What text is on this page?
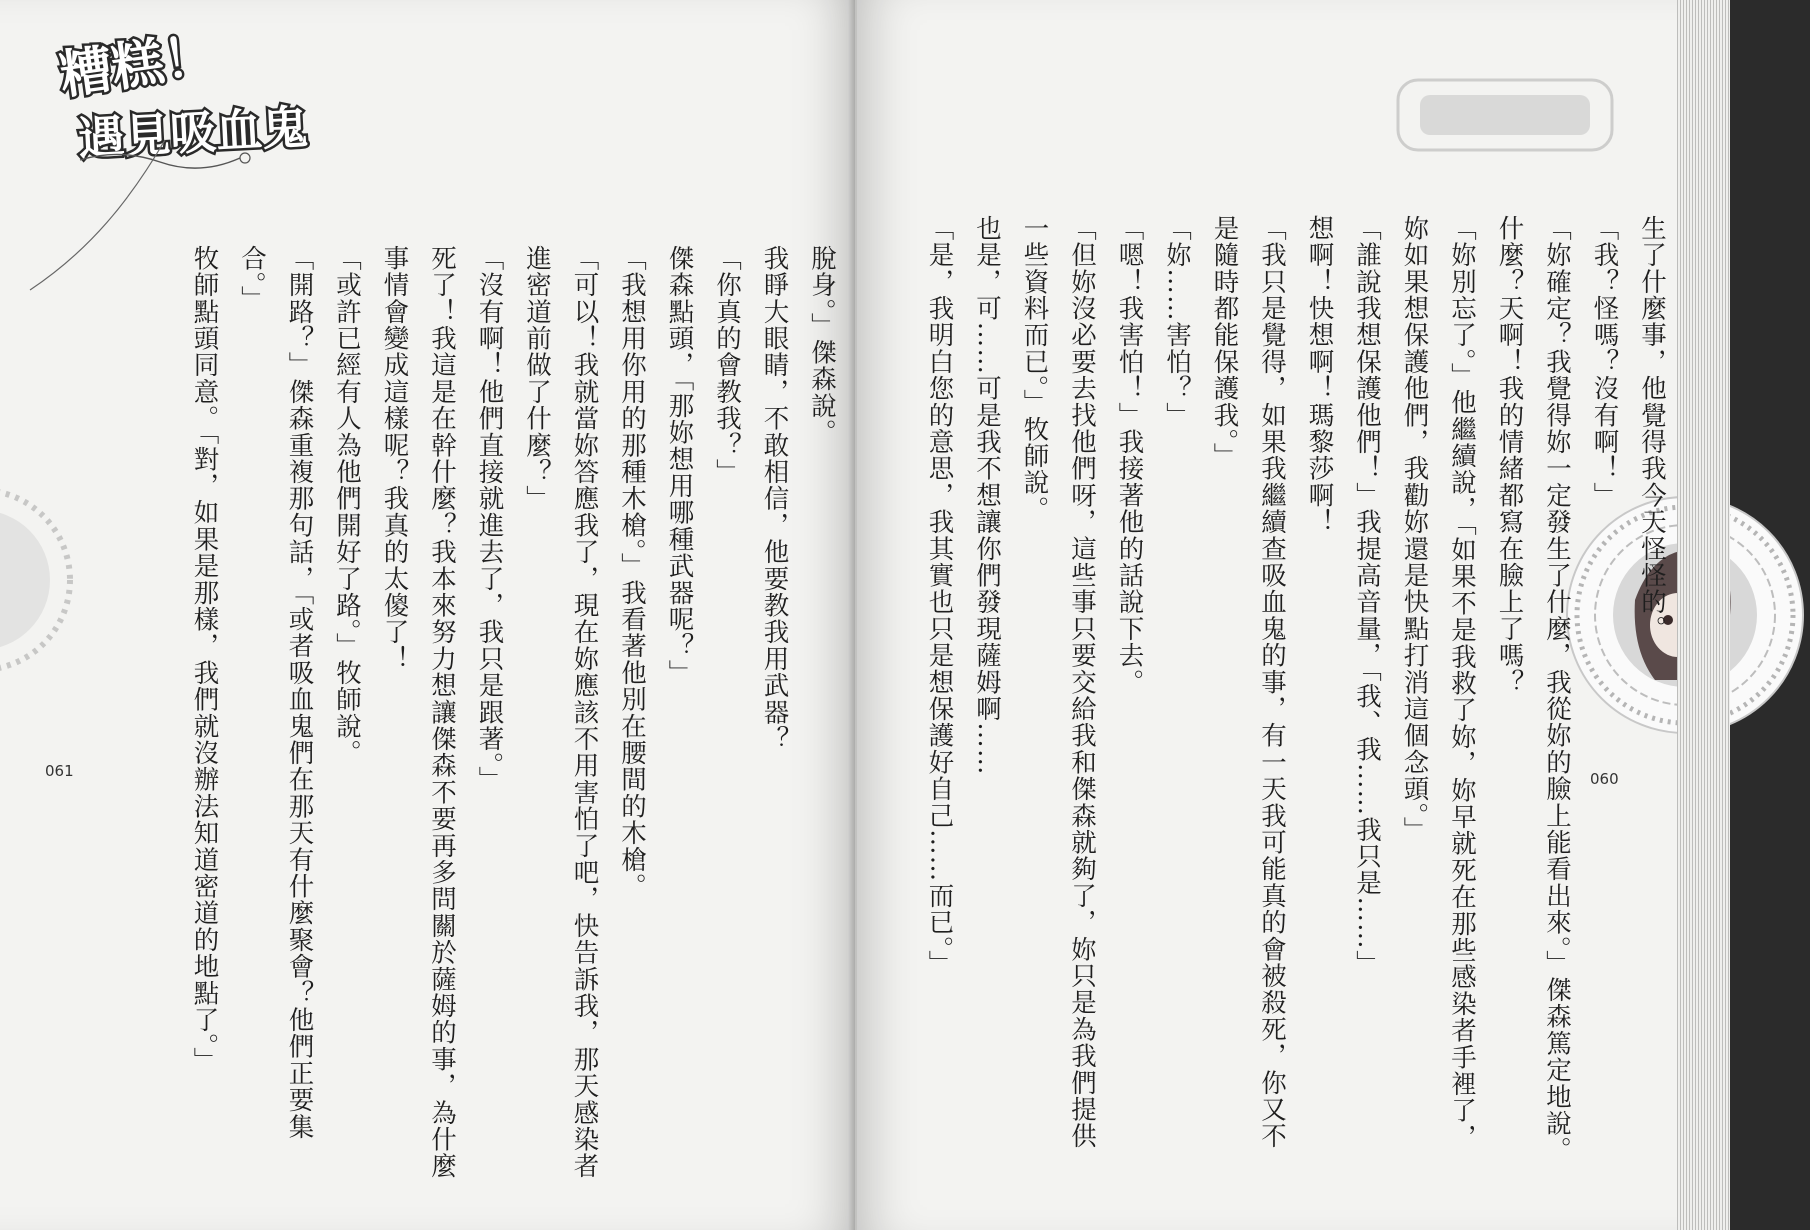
糟糕！
遇見吸血鬼

脫身。」傑森說。

我睜大眼睛，不敢相信，他要教我用武器？

「你真的會教我？」

傑森點頭，「那妳想用哪種武器呢？」

「我想用你用的那種木槍。」我看著他別在腰間的木槍。

「可以！我就當妳答應我了，現在妳應該不用害怕了吧，快告訴我，那天感染者

進密道前做了什麼？」

「沒有啊！他們直接就進去了，我只是跟著。」

死了！我這是在幹什麼？我本來努力想讓傑森不要再多問關於薩姆的事，為什麼

事情會變成這樣呢？我真的太傻了！

「或許已經有人為他們開好了路。」牧師說。

「開路？」傑森重複那句話，「或者吸血鬼們在那天有什麼聚會？他們正要集

合。」

牧師點頭同意。「對，如果是那樣，我們就沒辦法知道密道的地點了。」

061

生了什麼事，他覺得我今天怪怪的。

「我？怪嗎？沒有啊！」

「妳確定？我覺得妳一定發生了什麼，我從妳的臉上能看出來。」傑森篤定地說。

什麼？天啊！我的情緒都寫在臉上了嗎？

「妳別忘了。」他繼續說，「如果不是我救了妳，妳早就死在那些感染者手裡了，

妳如果想保護他們，我勸妳還是快點打消這個念頭。」

「誰說我想保護他們！」我提高音量，「我、我……我只是……」

想啊！快想啊！瑪黎莎啊！

「我只是覺得，如果我繼續查吸血鬼的事，有一天我可能真的會被殺死，你又不

是隨時都能保護我。」

「妳……害怕？」

「嗯！我害怕！」我接著他的話說下去。

「但妳沒必要去找他們呀，這些事只要交給我和傑森就夠了，妳只是為我們提供

一些資料而已。」牧師說。

也是，可……可是我不想讓你們發現薩姆啊……

「是，我明白您的意思，我其實也只是想保護好自己……而已。」	060
